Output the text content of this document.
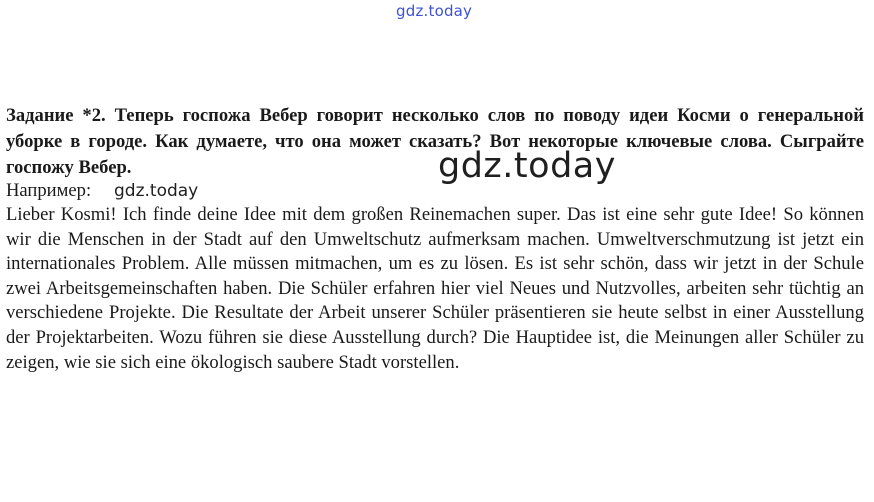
gdz.today
Задание *2. Теперь госпожа Вебер говорит несколько слов по поводу идеи Косми о генеральной уборке в городе. Как думаете, что она может сказать? Вот некоторые ключевые слова. Сыграйте госпожу Вебер.
Например:
Lieber Kosmi! Ich finde deine Idee mit dem großen Reinemachen super. Das ist eine sehr gute Idee! So können wir die Menschen in der Stadt auf den Umweltschutz aufmerksam machen. Umweltverschmutzung ist jetzt ein internationales Problem. Alle müssen mitmachen, um es zu lösen. Es ist sehr schön, dass wir jetzt in der Schule zwei Arbeitsgemeinschaften haben. Die Schüler erfahren hier viel Neues und Nutzvolles, arbeiten sehr tüchtig an verschiedene Projekte. Die Resultate der Arbeit unserer Schüler präsentieren sie heute selbst in einer Ausstellung der Projektarbeiten. Wozu führen sie diese Ausstellung durch? Die Hauptidee ist, die Meinungen aller Schüler zu zeigen, wie sie sich eine ökologisch saubere Stadt vorstellen.
gdz.today
gdz.today
